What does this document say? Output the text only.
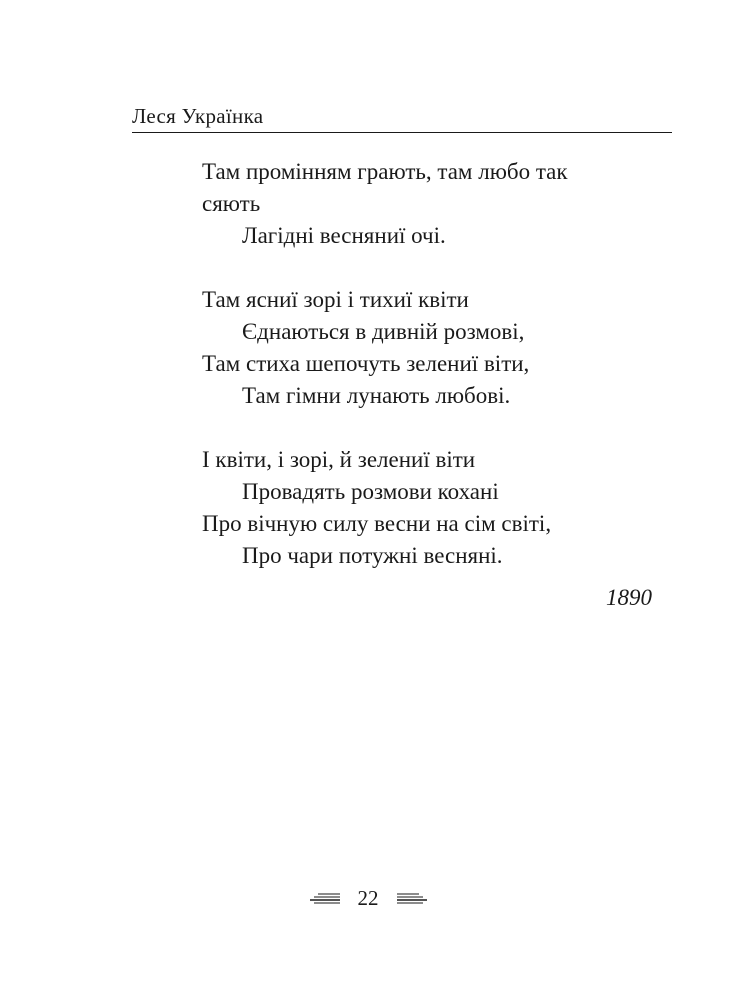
Леся Українка
Там промінням грають, там любо так
сяють
Лагідні весняниї очі.
Там ясниї зорі і тихиї квіти
Єднаються в дивній розмові,
Там стиха шепочуть зелениї віти,
Там гімни лунають любові.
І квіти, і зорі, й зелениї віти
Провадять розмови кохані
Про вічную силу весни на сім світі,
Про чари потужні весняні.
1890
22
